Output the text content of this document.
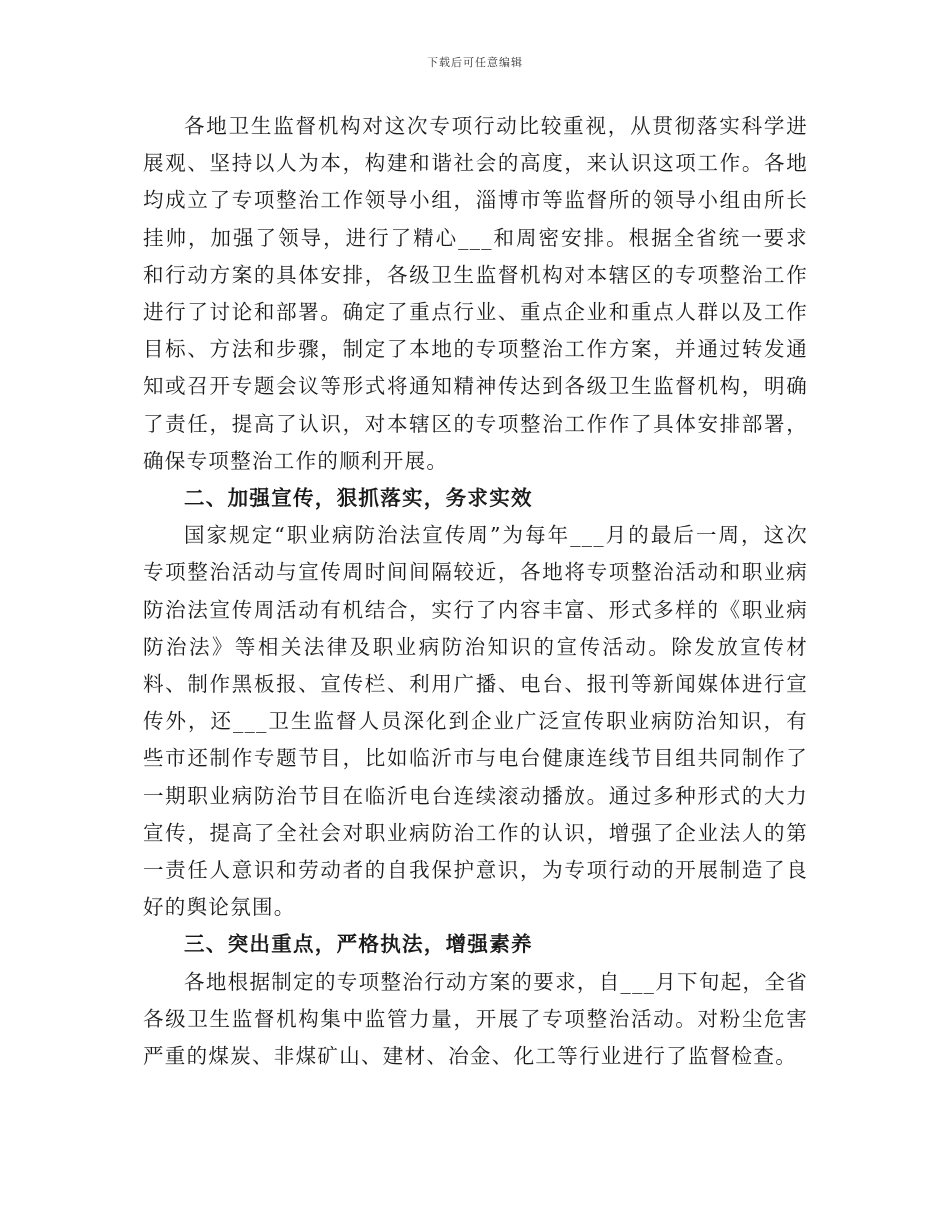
下载后可任意编辑

各地卫生监督机构对这次专项行动比较重视，从贯彻落实科学进展观、坚持以人为本，构建和谐社会的高度，来认识这项工作。各地均成立了专项整治工作领导小组，淄博市等监督所的领导小组由所长挂帅，加强了领导，进行了精心___和周密安排。根据全省统一要求和行动方案的具体安排，各级卫生监督机构对本辖区的专项整治工作进行了讨论和部署。确定了重点行业、重点企业和重点人群以及工作目标、方法和步骤，制定了本地的专项整治工作方案，并通过转发通知或召开专题会议等形式将通知精神传达到各级卫生监督机构，明确了责任，提高了认识，对本辖区的专项整治工作作了具体安排部署，确保专项整治工作的顺利开展。

二、加强宣传，狠抓落实，务求实效

国家规定“职业病防治法宣传周”为每年___月的最后一周，这次专项整治活动与宣传周时间间隔较近，各地将专项整治活动和职业病防治法宣传周活动有机结合，实行了内容丰富、形式多样的《职业病防治法》等相关法律及职业病防治知识的宣传活动。除发放宣传材料、制作黑板报、宣传栏、利用广播、电台、报刊等新闻媒体进行宣传外，还___卫生监督人员深化到企业广泛宣传职业病防治知识，有些市还制作专题节目，比如临沂市与电台健康连线节目组共同制作了一期职业病防治节目在临沂电台连续滚动播放。通过多种形式的大力宣传，提高了全社会对职业病防治工作的认识，增强了企业法人的第一责任人意识和劳动者的自我保护意识，为专项行动的开展制造了良好的舆论氛围。

三、突出重点，严格执法，增强素养

各地根据制定的专项整治行动方案的要求，自___月下旬起，全省各级卫生监督机构集中监管力量，开展了专项整治活动。对粉尘危害严重的煤炭、非煤矿山、建材、冶金、化工等行业进行了监督检查。
